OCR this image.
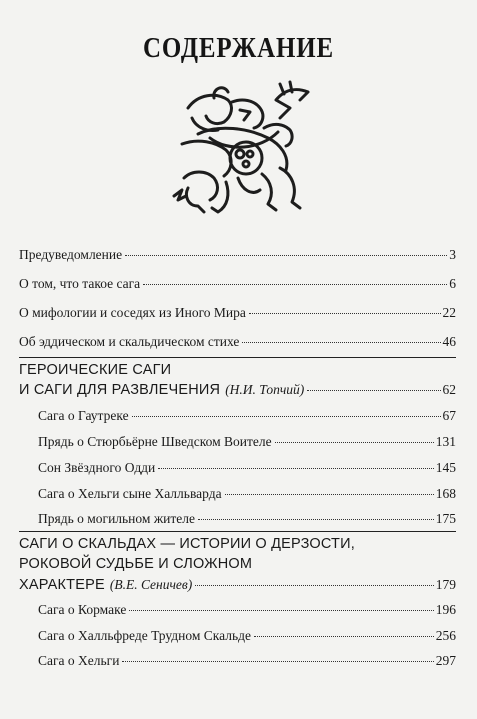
СОДЕРЖАНИЕ
Предуведомление	3
О том, что такое сага	6
О мифологии и соседях из Иного Мира	22
Об эддическом и скальдическом стихе	46
ГЕРОИЧЕСКИЕ САГИ
И САГИ ДЛЯ РАЗВЛЕЧЕНИЯ (Н.И. Топчий)	62
Сага о Гаутреке	67
Прядь о Стюрбьёрне Шведском Воителе	131
Сон Звёздного Одди	145
Сага о Хельги сыне Халльварда	168
Прядь о могильном жителе	175
САГИ О СКАЛЬДАХ — ИСТОРИИ О ДЕРЗОСТИ,
РОКОВОЙ СУДЬБЕ И СЛОЖНОМ
ХАРАКТЕРЕ (В.Е. Сеничев)	179
Сага о Кормаке	196
Сага о Халльфреде Трудном Скальде	256
Сага о Хельги	297
